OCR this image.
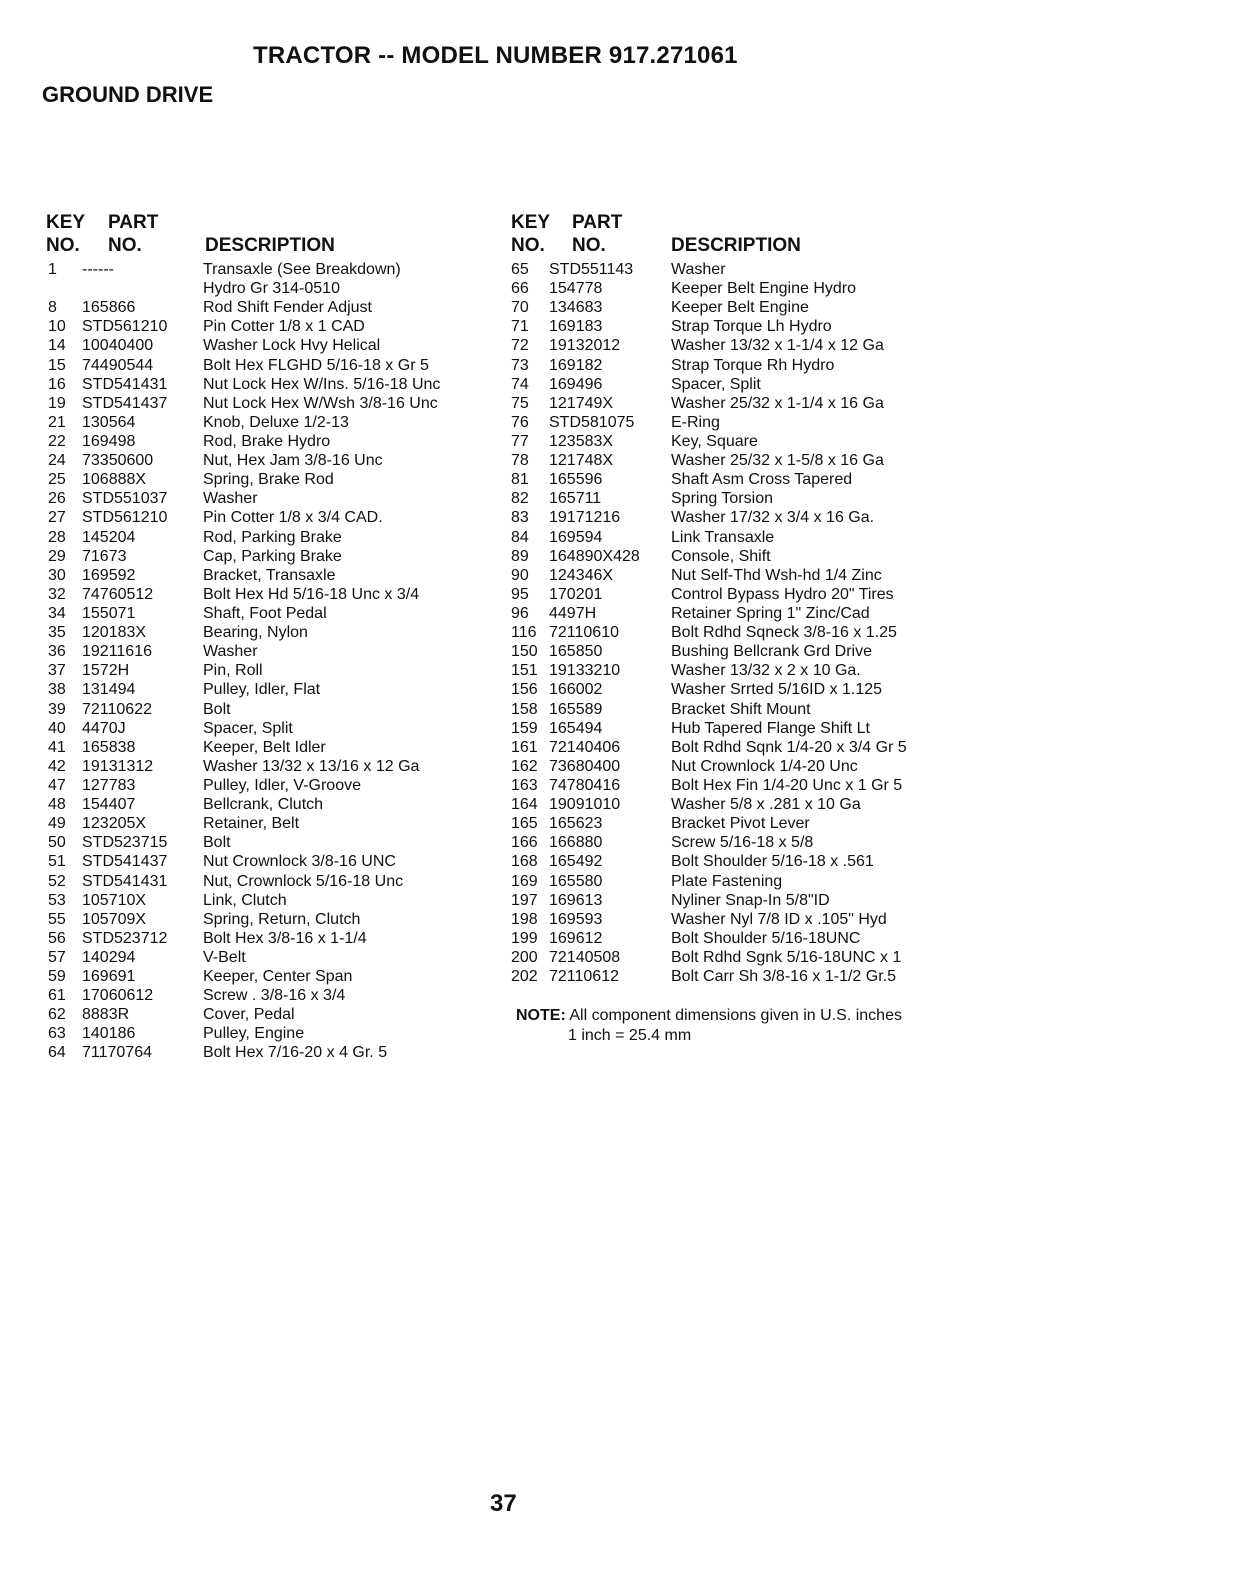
TRACTOR -- MODEL NUMBER 917.271061
GROUND DRIVE
KEY
NO.
PART
NO.	DESCRIPTION
1 ------	Transaxle (See Breakdown)
Hydro Gr 314-0510
8 165866	Rod Shift Fender Adjust
10 STD561210 Pin Cotter 1/8 x 1 CAD
14 10040400	Washer Lock Hvy Helical
15 74490544	Bolt Hex FLGHD 5/16-18 x Gr 5
16 STD541431 Nut Lock Hex W/Ins. 5/16-18 Unc
19 STD541437 Nut Lock Hex W/Wsh 3/8-16 Unc
21 130564	Knob, Deluxe 1/2-13
22 169498	Rod, Brake Hydro
24 73350600	Nut, Hex Jam 3/8-16 Unc
25 106888X	Spring, Brake Rod
26 STD551037 Washer
27 STD561210 Pin Cotter 1/8 x 3/4 CAD.
28 145204	Rod, Parking Brake
29 71673	Cap, Parking Brake
30 169592	Bracket, Transaxle
32 74760512	Bolt Hex Hd 5/16-18 Unc x 3/4
34 155071	Shaft, Foot Pedal
35 120183X	Bearing, Nylon
36 19211616	Washer
37 1572H	Pin, Roll
38 131494	Pulley, Idler, Flat
39 72110622	Bolt
40 4470J	Spacer, Split
41 165838	Keeper, Belt Idler
42 19131312	Washer 13/32 x 13/16 x 12 Ga
47 127783	Pulley, Idler, V-Groove
48 154407	Bellcrank, Clutch
49 123205X	Retainer, Belt
50 STD523715 Bolt
51 STD541437 Nut Crownlock 3/8-16 UNC
52 STD541431 Nut, Crownlock 5/16-18 Unc
53 105710X	Link, Clutch
55 105709X	Spring, Return, Clutch
56 STD523712 Bolt Hex 3/8-16 x 1-1/4
57 140294	V-Belt
59 169691	Keeper, Center Span
61 17060612	Screw . 3/8-16 x 3/4
62 8883R	Cover, Pedal
63 140186	Pulley, Engine
64 71170764	Bolt Hex 7/16-20 x 4 Gr. 5
KEY
NO.
PART
NO.	DESCRIPTION
65 STD551143 Washer
66 154778	Keeper Belt Engine Hydro
70 134683	Keeper Belt Engine
71 169183	Strap Torque Lh Hydro
72 19132012	Washer 13/32 x 1-1/4 x 12 Ga
73 169182	Strap Torque Rh Hydro
74 169496	Spacer, Split
75 121749X	Washer 25/32 x 1-1/4 x 16 Ga
76 STD581075 E-Ring
77 123583X	Key, Square
78 121748X	Washer 25/32 x 1-5/8 x 16 Ga
81 165596	Shaft Asm Cross Tapered
82 165711	Spring Torsion
83 19171216	Washer 17/32 x 3/4 x 16 Ga.
84 169594	Link Transaxle
89 164890X428 Console, Shift
90 124346X	Nut Self-Thd Wsh-hd 1/4 Zinc
95 170201	Control Bypass Hydro 20" Tires
96 4497H	Retainer Spring 1" Zinc/Cad
116 72110610	Bolt Rdhd Sqneck 3/8-16 x 1.25
150 165850	Bushing Bellcrank Grd Drive
151 19133210	Washer 13/32 x 2 x 10 Ga.
156 166002	Washer Srrted 5/16ID x 1.125
158 165589	Bracket Shift Mount
159 165494	Hub Tapered Flange Shift Lt
161 72140406	Bolt Rdhd Sqnk 1/4-20 x 3/4 Gr 5
162 73680400	Nut Crownlock 1/4-20 Unc
163 74780416	Bolt Hex Fin 1/4-20 Unc x 1 Gr 5
164 19091010	Washer 5/8 x .281 x 10 Ga
165 165623	Bracket Pivot Lever
166 166880	Screw 5/16-18 x 5/8
168 165492	Bolt Shoulder 5/16-18 x .561
169 165580	Plate Fastening
197 169613	Nyliner Snap-In 5/8"ID
198 169593	Washer Nyl 7/8 ID x .105" Hyd
199 169612	Bolt Shoulder 5/16-18UNC
200 72140508	Bolt Rdhd Sgnk 5/16-18UNC x 1
202 72110612	Bolt Carr Sh 3/8-16 x 1-1/2 Gr.5
NOTE: All component dimensions given in U.S. inches
1 inch = 25.4 mm
37
